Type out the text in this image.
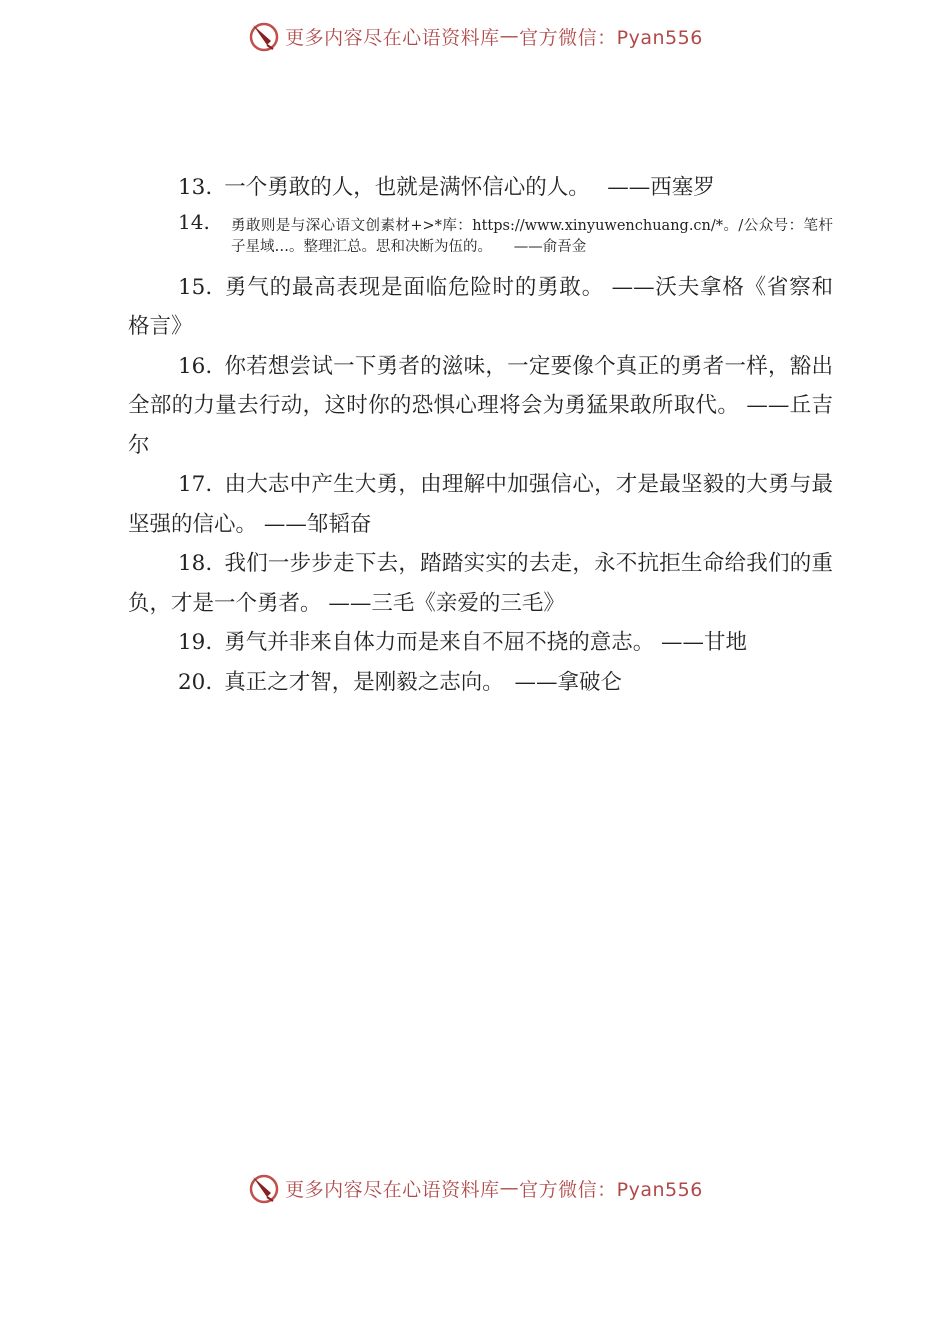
更多内容尽在心语资料库 — 官方微信：Pyan556

13. 一个勇敢的人，也就是满怀信心的人。　 ——西塞罗

14.	勇敢则是与深心语文创素材+>*库：https://www.xinyuwenchuang.cn/*。/公众号：笔杆子星域…。整理汇总。思和决断为伍的。　　——俞吾金

15. 勇气的最高表现是面临危险时的勇敢。 ——沃夫拿格《省察和格言》

16. 你若想尝试一下勇者的滋味，一定要像个真正的勇者一样，豁出全部的力量去行动，这时你的恐惧心理将会为勇猛果敢所取代。 ——丘吉尔

17. 由大志中产生大勇，由理解中加强信心，才是最坚毅的大勇与最坚强的信心。 ——邹韬奋

18. 我们一步步走下去，踏踏实实的去走，永不抗拒生命给我们的重负，才是一个勇者。 ——三毛《亲爱的三毛》

19. 勇气并非来自体力而是来自不屈不挠的意志。 ——甘地

20. 真正之才智，是刚毅之志向。　——拿破仑

更多内容尽在心语资料库 — 官方微信：Pyan556
